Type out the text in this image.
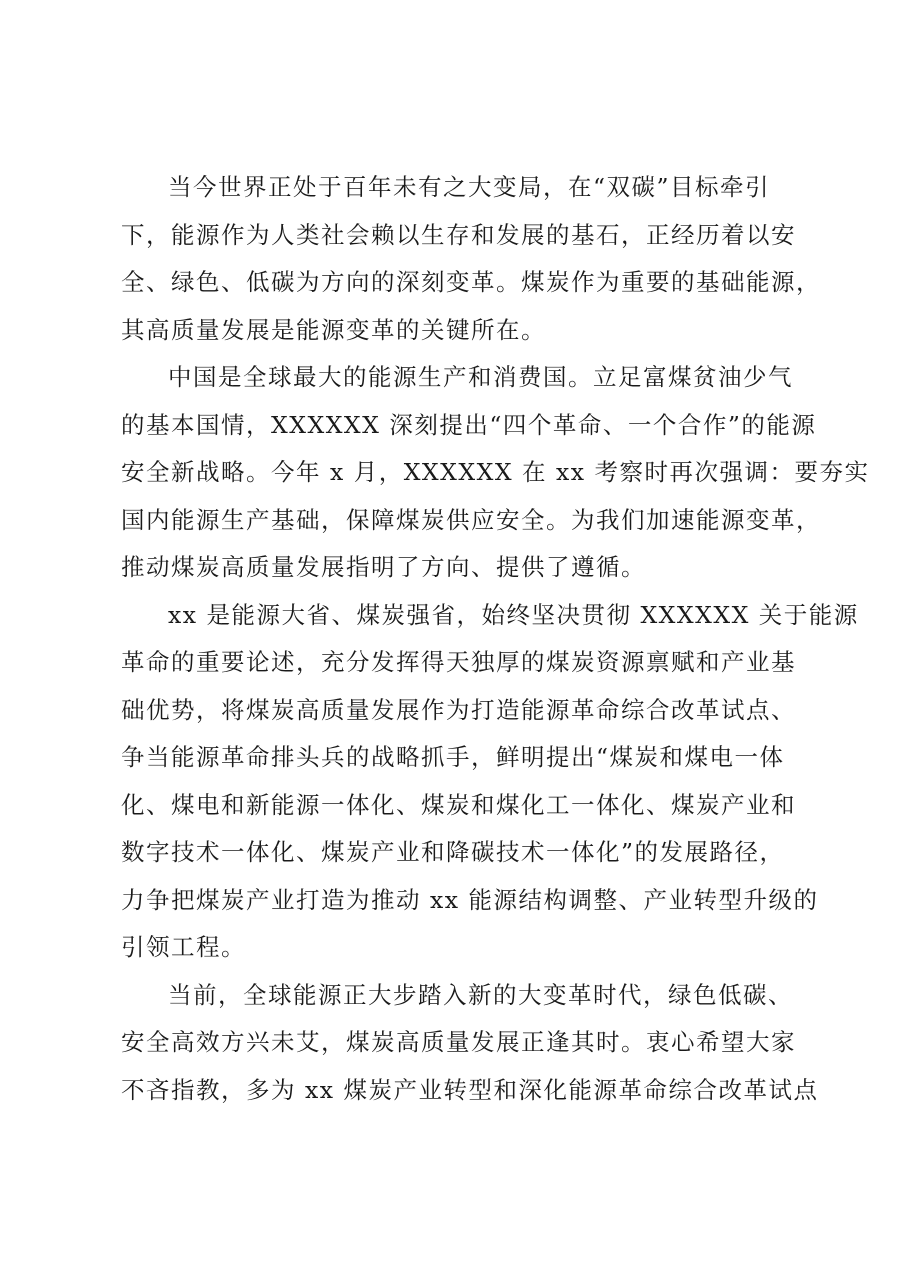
当今世界正处于百年未有之大变局，在“双碳”目标牵引
下，能源作为人类社会赖以生存和发展的基石，正经历着以安
全、绿色、低碳为方向的深刻变革。煤炭作为重要的基础能源，
其高质量发展是能源变革的关键所在。
中国是全球最大的能源生产和消费国。立足富煤贫油少气
的基本国情，XXXXXX 深刻提出“四个革命、一个合作”的能源
安全新战略。今年 x 月，XXXXXX 在 xx 考察时再次强调：要夯实
国内能源生产基础，保障煤炭供应安全。为我们加速能源变革，
推动煤炭高质量发展指明了方向、提供了遵循。
xx 是能源大省、煤炭强省，始终坚决贯彻 XXXXXX 关于能源
革命的重要论述，充分发挥得天独厚的煤炭资源禀赋和产业基
础优势，将煤炭高质量发展作为打造能源革命综合改革试点、
争当能源革命排头兵的战略抓手，鲜明提出“煤炭和煤电一体
化、煤电和新能源一体化、煤炭和煤化工一体化、煤炭产业和
数字技术一体化、煤炭产业和降碳技术一体化”的发展路径，
力争把煤炭产业打造为推动 xx 能源结构调整、产业转型升级的
引领工程。
当前，全球能源正大步踏入新的大变革时代，绿色低碳、
安全高效方兴未艾，煤炭高质量发展正逢其时。衷心希望大家
不吝指教，多为 xx 煤炭产业转型和深化能源革命综合改革试点
